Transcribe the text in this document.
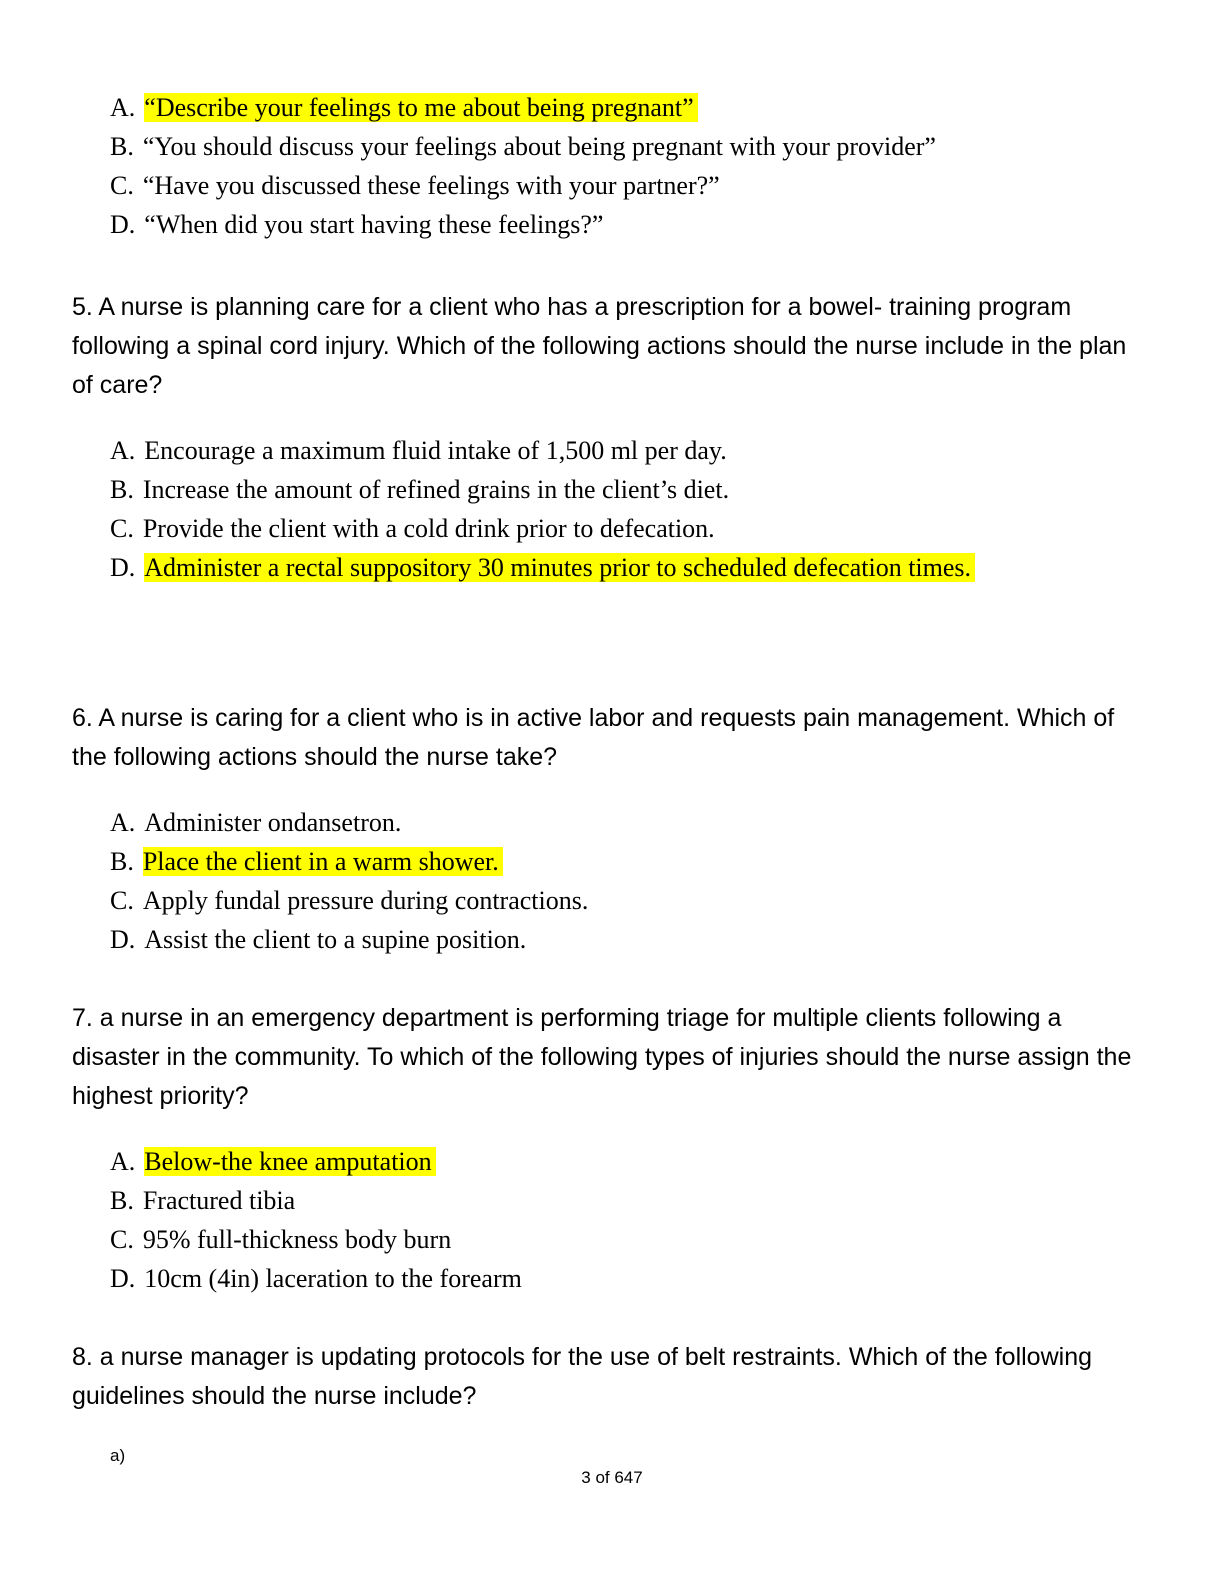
A. “Describe your feelings to me about being pregnant”
B. “You should discuss your feelings about being pregnant with your provider”
C. “Have you discussed these feelings with your partner?”
D. “When did you start having these feelings?”

5. A nurse is planning care for a client who has a prescription for a bowel- training program following a spinal cord injury. Which of the following actions should the nurse include in the plan of care?

A. Encourage a maximum fluid intake of 1,500 ml per day.
B. Increase the amount of refined grains in the client’s diet.
C. Provide the client with a cold drink prior to defecation.
D. Administer a rectal suppository 30 minutes prior to scheduled defecation times.

6. A nurse is caring for a client who is in active labor and requests pain management. Which of the following actions should the nurse take?

A. Administer ondansetron.
B. Place the client in a warm shower.
C. Apply fundal pressure during contractions.
D. Assist the client to a supine position.

7. a nurse in an emergency department is performing triage for multiple clients following a disaster in the community. To which of the following types of injuries should the nurse assign the highest priority?

A. Below-the knee amputation
B. Fractured tibia
C. 95% full-thickness body burn
D. 10cm (4in) laceration to the forearm

8. a nurse manager is updating protocols for the use of belt restraints. Which of the following guidelines should the nurse include?

a)
3 of 647
